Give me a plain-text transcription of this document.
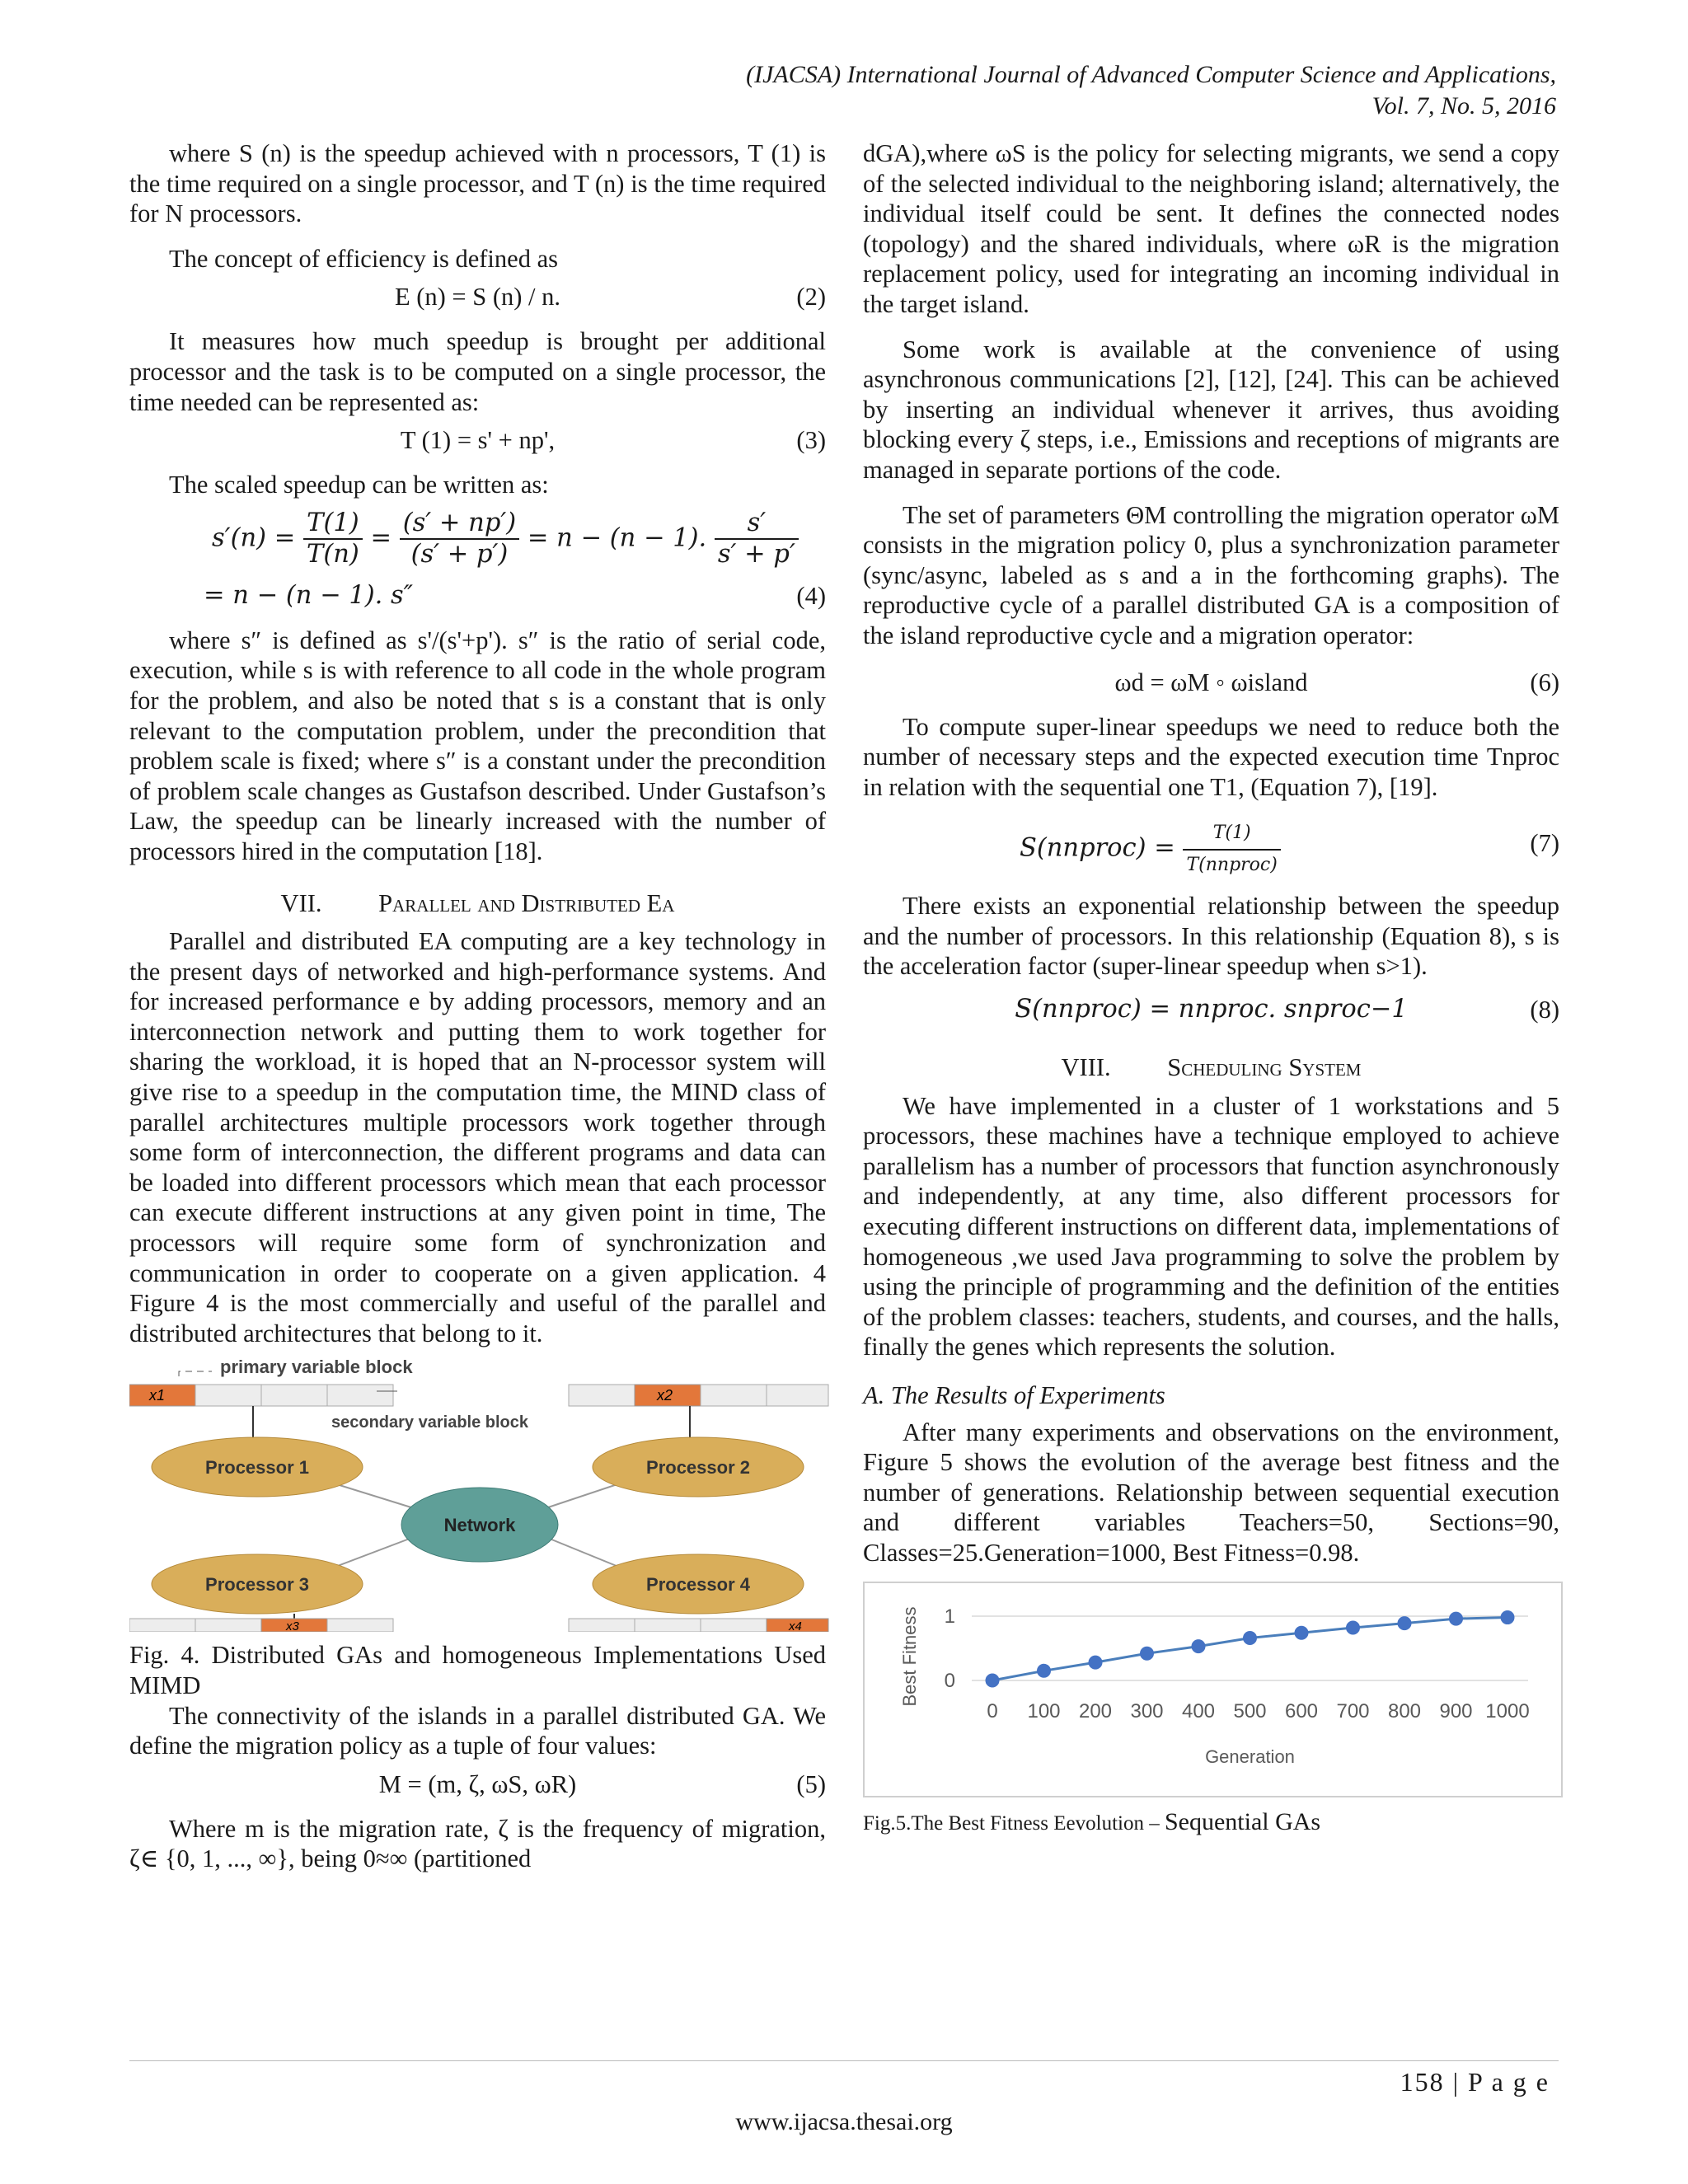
(IJACSA) International Journal of Advanced Computer Science and Applications,
Vol. 7, No. 5, 2016

where S (n) is the speedup achieved with n processors, T (1) is the time required on a single processor, and T (n) is the time required for N processors.

The concept of efficiency is defined as

E (n) = S (n) / n.	(2)

It measures how much speedup is brought per additional processor and the task is to be computed on a single processor, the time needed can be represented as:

T (1) = s' + np',	(3)

The scaled speedup can be written as:

$s'(n) = \frac{T(1)}{T(n)} = \frac{(s' + np')}{(s' + p')} = n - (n - 1)$. $\frac{s'}{s' + p'}$
= n − (n − 1). s″	(4)

where s″ is defined as s'/(s'+p'). s″ is the ratio of serial code, execution, while s is with reference to all code in the whole program for the problem, and also be noted that s is a constant that is only relevant to the computation problem, under the precondition that problem scale is fixed; where s″ is a constant under the precondition of problem scale changes as Gustafson described. Under Gustafson’s Law, the speedup can be linearly increased with the number of processors hired in the computation [18].

VII. Parallel and Distributed Ea

Parallel and distributed EA computing are a key technology in the present days of networked and high-performance systems. And for increased performance e by adding processors, memory and an interconnection network and putting them to work together for sharing the workload, it is hoped that an N-processor system will give rise to a speedup in the computation time, the MIND class of parallel architectures multiple processors work together through some form of interconnection, the different programs and data can be loaded into different processors which mean that each processor can execute different instructions at any given point in time, The processors will require some form of synchronization and communication in order to cooperate on a given application. 4 Figure 4 is the most commercially and useful of the parallel and distributed architectures that belong to it.

x1
primary variable block
x2
secondary variable block
Processor 1	Processor 2
Network
Processor 3	Processor 4
x3	x4

Fig. 4. Distributed GAs and homogeneous Implementations Used MIMD

The connectivity of the islands in a parallel distributed GA. We define the migration policy as a tuple of four values:

M = (m, ζ, ωS, ωR)	(5)

Where m is the migration rate, ζ is the frequency of migration, ζ∈ {0, 1, ..., ∞}, being 0≈∞ (partitioned

dGA),where ωS is the policy for selecting migrants, we send a copy of the selected individual to the neighboring island; alternatively, the individual itself could be sent. It defines the connected nodes (topology) and the shared individuals, where ωR is the migration replacement policy, used for integrating an incoming individual in the target island.

Some work is available at the convenience of using asynchronous communications [2], [12], [24]. This can be achieved by inserting an individual whenever it arrives, thus avoiding blocking every ζ steps, i.e., Emissions and receptions of migrants are managed in separate portions of the code.

The set of parameters ΘM controlling the migration operator ωM consists in the migration policy 0, plus a synchronization parameter (sync/async, labeled as s and a in the forthcoming graphs). The reproductive cycle of a parallel distributed GA is a composition of the island reproductive cycle and a migration operator:

ωd = ωM ◦ ωisland	(6)

To compute super-linear speedups we need to reduce both the number of necessary steps and the expected execution time Tnproc in relation with the sequential one T1, (Equation 7), [19].

S(nnproc) = $\frac{T(1)}{\text{T(nnproc)}}$	(7)

There exists an exponential relationship between the speedup and the number of processors. In this relationship (Equation 8), s is the acceleration factor (super-linear speedup when s>1).

S(nnproc) = nnproc. snproc−1	(8)
VIII. Scheduling System

We have implemented in a cluster of 1 workstations and 5 processors, these machines have a technique employed to achieve parallelism has a number of processors that function asynchronously and independently, at any time, also different processors for executing different instructions on different data, implementations of homogeneous ,we used Java programming to solve the problem by using the principle of programming and the definition of the entities of the problem classes: teachers, students, and courses, and the halls, finally the genes which represents the solution.

A. The Results of Experiments

After many experiments and observations on the environment, Figure 5 shows the evolution of the average best fitness and the number of generations. Relationship between sequential execution and different variables Teachers=50, Sections=90, Classes=25.Generation=1000, Best Fitness=0.98.

Best Fitness
Generation
0
1
0 100 200 300 400 500 600 700 800 900 1000

Fig.5.The Best Fitness Eevolution – Sequential GAs

158 | P a g e
www.ijacsa.thesai.org
